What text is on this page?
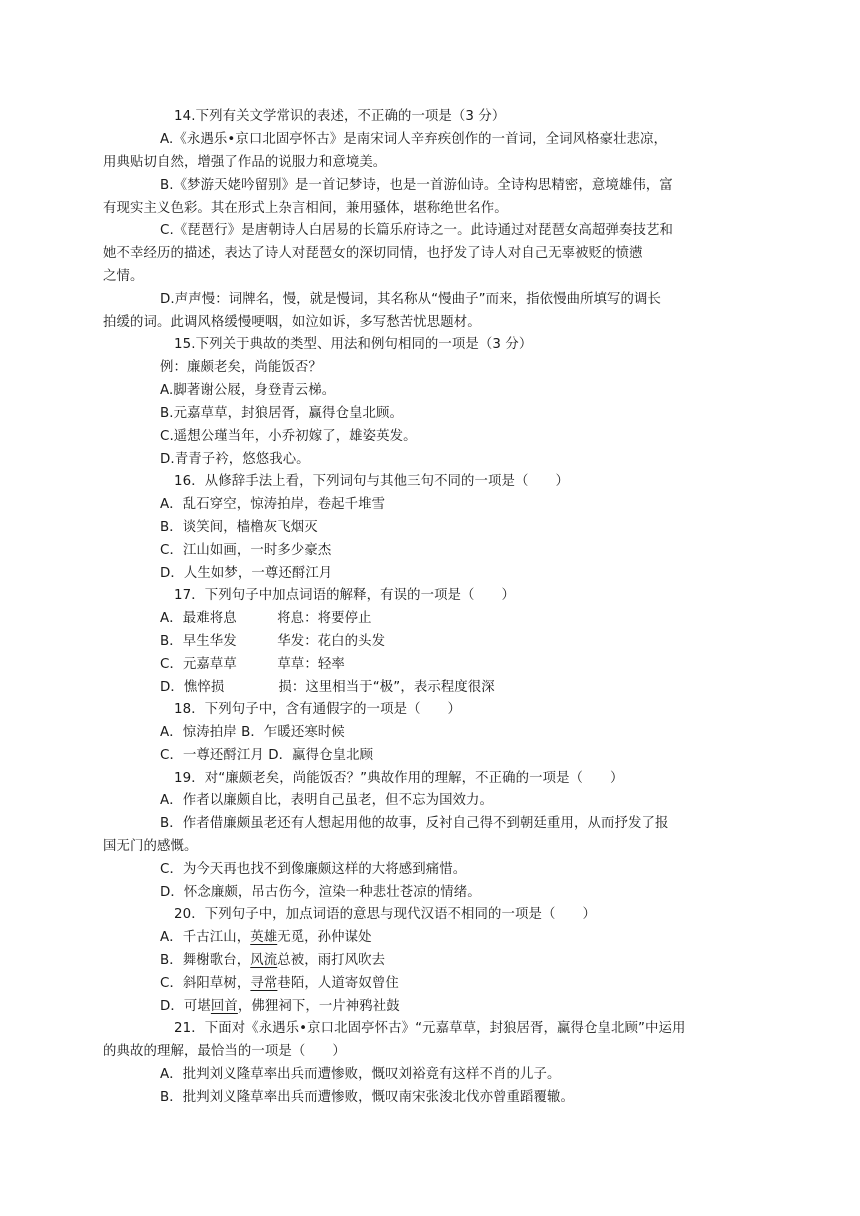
14.下列有关文学常识的表述，不正确的一项是（3 分）
A.《永遇乐•京口北固亭怀古》是南宋词人辛弃疾创作的一首词，全词风格豪壮悲凉，
用典贴切自然，增强了作品的说服力和意境美。
B.《梦游天姥吟留别》是一首记梦诗，也是一首游仙诗。全诗构思精密，意境雄伟，富
有现实主义色彩。其在形式上杂言相间，兼用骚体，堪称绝世名作。
C.《琵琶行》是唐朝诗人白居易的长篇乐府诗之一。此诗通过对琵琶女高超弹奏技艺和
她不幸经历的描述，表达了诗人对琵琶女的深切同情，也抒发了诗人对自己无辜被贬的愤懑
之情。
D.声声慢：词牌名，慢，就是慢词，其名称从“慢曲子”而来，指依慢曲所填写的调长
拍缓的词。此调风格缓慢哽咽，如泣如诉，多写愁苦忧思题材。
15.下列关于典故的类型、用法和例句相同的一项是（3 分）
例：廉颇老矣，尚能饭否？
A.脚著谢公屐，身登青云梯。
B.元嘉草草，封狼居胥，赢得仓皇北顾。
C.遥想公瑾当年，小乔初嫁了，雄姿英发。
D.青青子衿，悠悠我心。
16．从修辞手法上看，下列词句与其他三句不同的一项是（　　）
A．乱石穿空，惊涛拍岸，卷起千堆雪
B．谈笑间，樯橹灰飞烟灭
C．江山如画，一时多少豪杰
D．人生如梦，一尊还酹江月
17．下列句子中加点词语的解释，有误的一项是（　　）
A．最难将息　　　将息：将要停止
B．早生华发　　　华发：花白的头发
C．元嘉草草　　　草草：轻率
D．憔悴损　　　　损：这里相当于“极”，表示程度很深
18．下列句子中，含有通假字的一项是（　　）
A．惊涛拍岸 B．乍暖还寒时候
C．一尊还酹江月 D．赢得仓皇北顾
19．对“廉颇老矣，尚能饭否？”典故作用的理解，不正确的一项是（　　）
A．作者以廉颇自比，表明自己虽老，但不忘为国效力。
B．作者借廉颇虽老还有人想起用他的故事，反衬自己得不到朝廷重用，从而抒发了报
国无门的感慨。
C．为今天再也找不到像廉颇这样的大将感到痛惜。
D．怀念廉颇，吊古伤今，渲染一种悲壮苍凉的情绪。
20．下列句子中，加点词语的意思与现代汉语不相同的一项是（　　）
A．千古江山，英雄无觅，孙仲谋处
B．舞榭歌台，风流总被，雨打风吹去
C．斜阳草树，寻常巷陌，人道寄奴曾住
D．可堪回首，佛狸祠下，一片神鸦社鼓
21．下面对《永遇乐•京口北固亭怀古》“元嘉草草，封狼居胥，赢得仓皇北顾”中运用
的典故的理解，最恰当的一项是（　　）
A．批判刘义隆草率出兵而遭惨败，慨叹刘裕竟有这样不肖的儿子。
B．批判刘义隆草率出兵而遭惨败，慨叹南宋张浚北伐亦曾重蹈覆辙。
